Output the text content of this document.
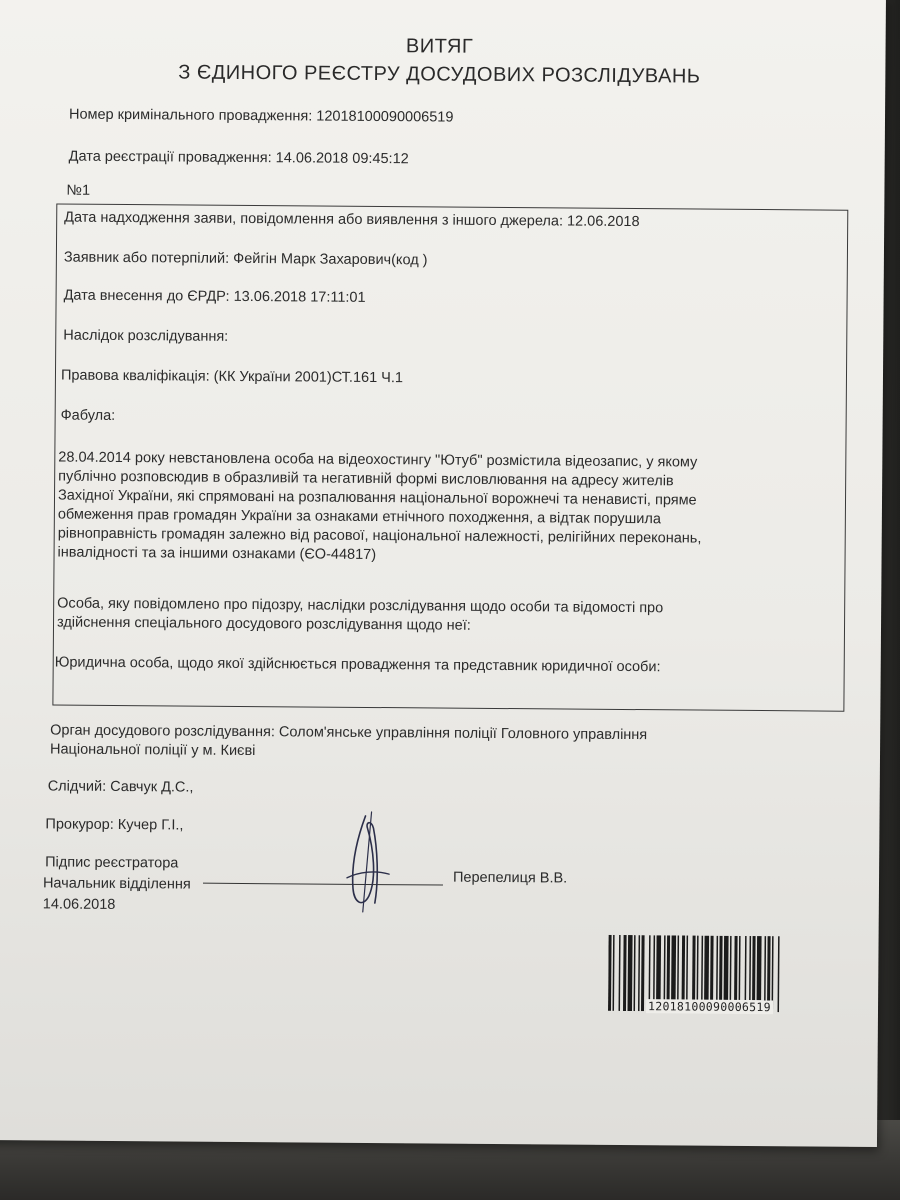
ВИТЯГ
З ЄДИНОГО РЕЄСТРУ ДОСУДОВИХ РОЗСЛІДУВАНЬ
Номер кримінального провадження: 12018100090006519
Дата реєстрації провадження: 14.06.2018 09:45:12
№1
Дата надходження заяви, повідомлення або виявлення з іншого джерела: 12.06.2018
Заявник або потерпілий: Фейгін Марк Захарович(код )
Дата внесення до ЄРДР: 13.06.2018 17:11:01
Наслідок розслідування:
Правова кваліфікація: (КК України 2001)СТ.161 Ч.1
Фабула:
28.04.2014 року невстановлена особа на відеохостингу "Ютуб" розмістила відеозапис, у якому
публічно розповсюдив в образливій та негативній формі висловлювання на адресу жителів
Західної України, які спрямовані на розпалювання національної ворожнечі та ненависті, пряме
обмеження прав громадян України за ознаками етнічного походження, а відтак порушила
рівноправність громадян залежно від расової, національної належності, релігійних переконань,
інвалідності та за іншими ознаками (ЄО-44817)
Особа, яку повідомлено про підозру, наслідки розслідування щодо особи та відомості про
здійснення спеціального досудового розслідування щодо неї:
Юридична особа, щодо якої здійснюється провадження та представник юридичної особи:
Орган досудового розслідування: Солом'янське управління поліції Головного управління
Національної поліції у м. Києві
Слідчий: Савчук Д.С.,
Прокурор: Кучер Г.І.,
Підпис реєстратора
Начальник відділення
14.06.2018
Перепелиця В.В.
12018100090006519
